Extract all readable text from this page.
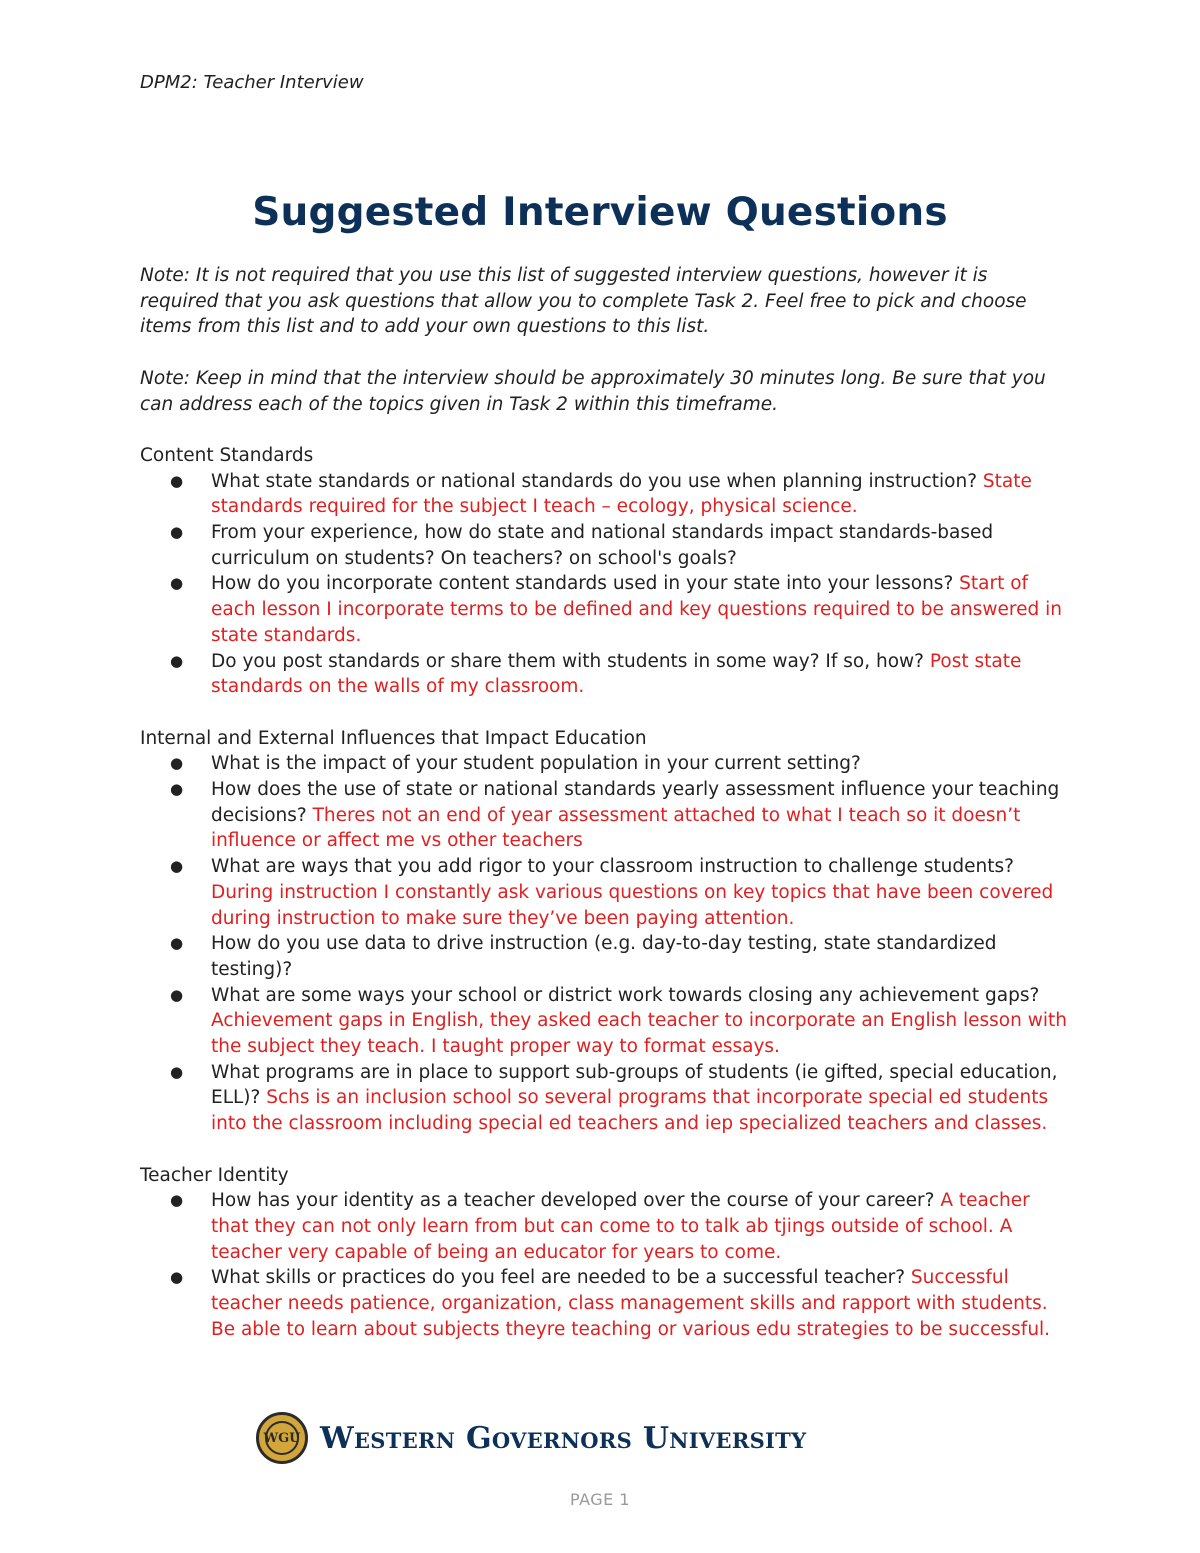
DPM2: Teacher Interview
Suggested Interview Questions

Note: It is not required that you use this list of suggested interview questions, however it is required that you ask questions that allow you to complete Task 2. Feel free to pick and choose items from this list and to add your own questions to this list.

Note: Keep in mind that the interview should be approximately 30 minutes long. Be sure that you can address each of the topics given in Task 2 within this timeframe.

Content Standards

● What state standards or national standards do you use when planning instruction? State standards required for the subject I teach – ecology, physical science.
● From your experience, how do state and national standards impact standards-based curriculum on students? On teachers? on school's goals?
● How do you incorporate content standards used in your state into your lessons? Start of each lesson I incorporate terms to be defined and key questions required to be answered in state standards.
● Do you post standards or share them with students in some way? If so, how? Post state standards on the walls of my classroom.

Internal and External Influences that Impact Education

● What is the impact of your student population in your current setting?
● How does the use of state or national standards yearly assessment influence your teaching decisions? Theres not an end of year assessment attached to what I teach so it doesn’t influence or affect me vs other teachers
● What are ways that you add rigor to your classroom instruction to challenge students? During instruction I constantly ask various questions on key topics that have been covered during instruction to make sure they’ve been paying attention.
● How do you use data to drive instruction (e.g. day-to-day testing, state standardized testing)?
● What are some ways your school or district work towards closing any achievement gaps? Achievement gaps in English, they asked each teacher to incorporate an English lesson with the subject they teach. I taught proper way to format essays.
● What programs are in place to support sub-groups of students (ie gifted, special education, ELL)? Schs is an inclusion school so several programs that incorporate special ed students into the classroom including special ed teachers and iep specialized teachers and classes.

Teacher Identity

● How has your identity as a teacher developed over the course of your career? A teacher that they can not only learn from but can come to to talk ab tjings outside of school. A teacher very capable of being an educator for years to come.
● What skills or practices do you feel are needed to be a successful teacher? Successful teacher needs patience, organization, class management skills and rapport with students. Be able to learn about subjects theyre teaching or various edu strategies to be successful.
WGU Western Governors University
PAGE 1
